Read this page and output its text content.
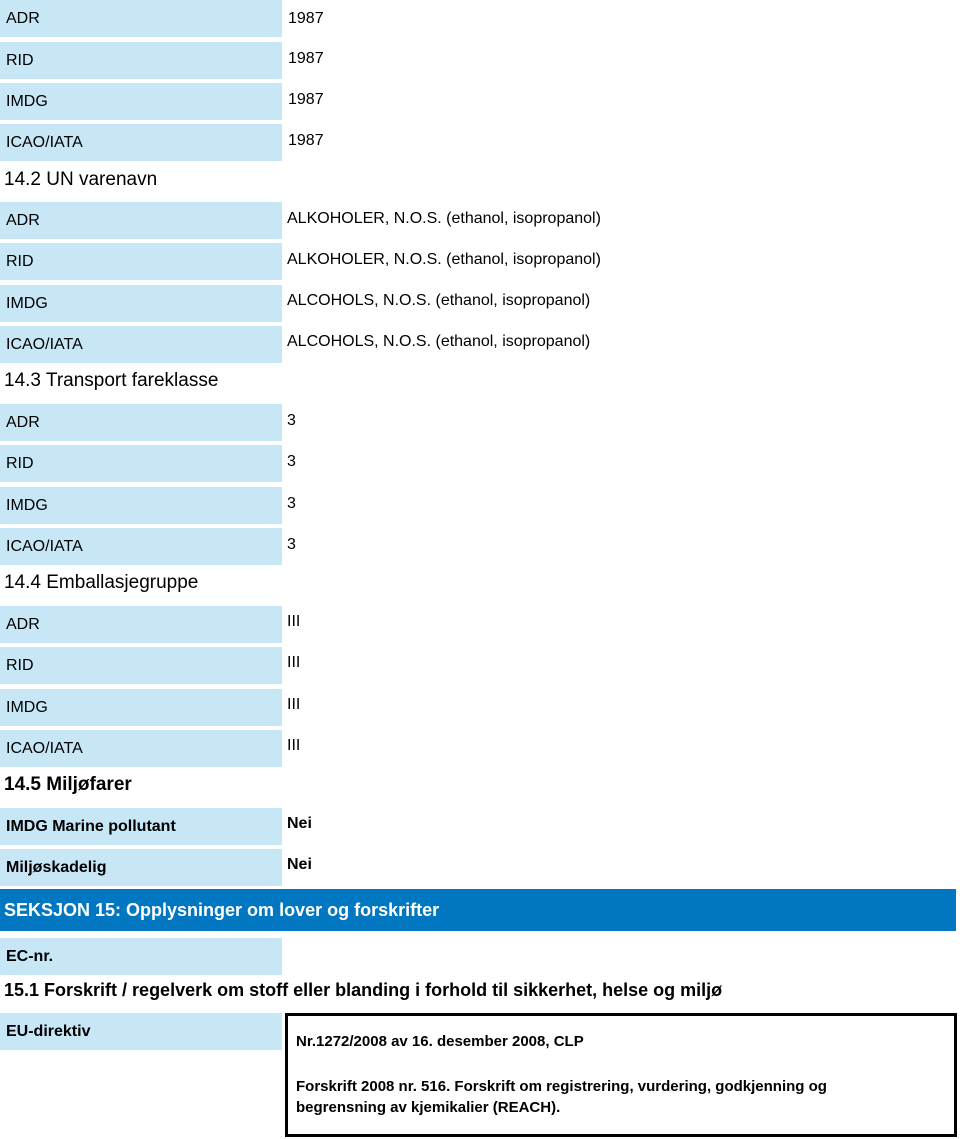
ADR	1987
RID	1987
IMDG	1987
ICAO/IATA	1987
14.2 UN varenavn
ADR	ALKOHOLER, N.O.S. (ethanol, isopropanol)
RID	ALKOHOLER, N.O.S. (ethanol, isopropanol)
IMDG	ALCOHOLS, N.O.S. (ethanol, isopropanol)
ICAO/IATA	ALCOHOLS, N.O.S. (ethanol, isopropanol)
14.3 Transport fareklasse
ADR	3
RID	3
IMDG	3
ICAO/IATA	3
14.4 Emballasjegruppe
ADR	III
RID	III
IMDG	III
ICAO/IATA	III
14.5 Miljøfarer
IMDG Marine pollutant	Nei
Miljøskadelig	Nei
SEKSJON 15: Opplysninger om lover og forskrifter
EC-nr.
15.1 Forskrift / regelverk om stoff eller blanding i forhold til sikkerhet, helse og miljø
EU-direktiv
Nr.1272/2008 av 16. desember 2008, CLP
Forskrift 2008 nr. 516. Forskrift om registrering, vurdering, godkjenning og begrensning av kjemikalier (REACH).
